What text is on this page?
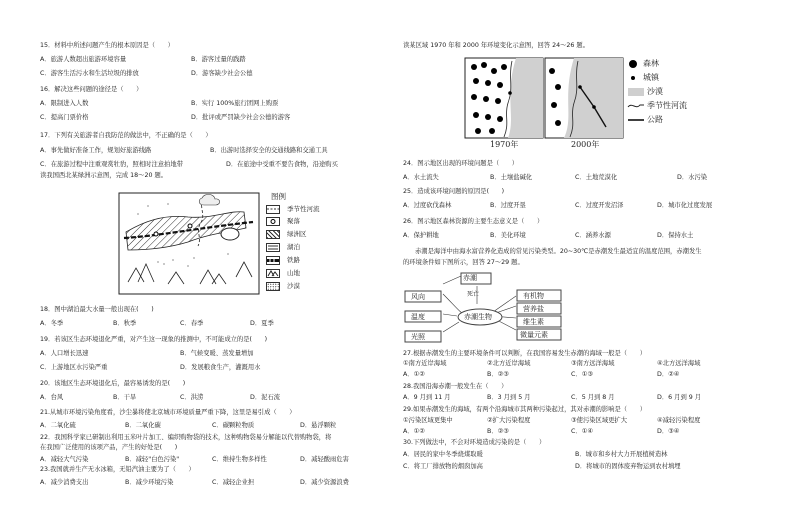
15．材料中所述问题产生的根本原因是（　　）
A．旅游人数超出旅游环境容量	B．游客过量的践踏
C．游客生活污水和生活垃圾的排放	D．游客缺少社会公德
16．解决这些问题的途径是（　　）
A．限制进入人数	B．实行 100%旅行团网上购票
C．提高门票价格	D．批评或严罚缺少社会公德的游客
17．下列有关旅游者自我防范的做法中，不正确的是（　　）
A．事先做好准备工作，规划好旅游线路	B．出游时选择安全的交通线路和交通工具
C．在旅游过程中注重观赏牡豹，照相时注意拍地带	D．在旅途中受重不要告食物，沿途购买
读我国西北某绿洲示意图，完成 18～20 题。
图例
季节性河流
聚落
绿洲区
湖泊
铁路
山地
沙漠
18．图中湖泊最大水量一般出现在(　　)
A．冬季	B．秋季	C．春季	D．夏季
19．若该区生态环境退化严重，对产生这一现象的推测中，不可能成立的是(　　)
A．人口增长迅速	B．气候变暖、蒸发量增加
C．上游地区水污染严重	D．发展粮食生产，灌溉用水
20．该地区生态环境退化后，最容易诱发的是(　　)
A．台风	B．干旱	C．洪涝	D．泥石流
21.从城市环境污染角度看，沙尘暴将使北京城市环境质量严重下降，这里是易引成（　　）
A．二氧化硫	B．二氧化碳	C．碳颗粒物质	D．悬浮颗粒
22．我国科学家已研制出利用玉米叶片加工、编织购物袋的技术，这种购物袋易分解能以代替购物袋，将
在我国广泛使用的该项产品，产生的好处是(　　)
A．减轻大气污染	B．减轻"白色污染"	C．维持生物多样性	D．减轻酸雨危害
23.我国就并生产无水冰箱，无铅汽油主要为了（　　）
A．减少消费支出	B．减少环境污染	C．减轻企业担	D．减少资源浪费
读某区域 1970 年和 2000 年环境变化示意图，回答 24～26 题。
1970年	2000年
森林
城镇
沙漠
季节性河流
公路
24．图示地区出现的环境问题是（　　）
A．水土流失	B．土壤盐碱化	C．土地荒漠化	D．水污染
25．造成该环境问题的原因是(　　)
A．过度砍伐森林	B．过度开垦	C．过度开发沼泽	D．城市化过度发展
26．图示地区森林资源的主要生态意义是（　　）
A．保护耕地	B．美化环境	C．涵养水源	D．保持水土
赤潮是海洋中由海水富营养化造成的常见污染类型。20~30℃是赤潮发生最适宜的温度范围，赤潮发生
的环境条件如下图所示，回答 27～29 题。
赤潮
死亡
赤潮生物
风向
温度
光照
有机物
营养盐
维生素
微量元素
27.根据赤潮发生的主要环境条件可以判断，在我国容易发生赤潮的海域一般是（　　）
①南方近岸海域	②北方近岸海域	③南方远洋海域	④北方远洋海域
A．①②	B．②③	C．①③	D．②④
28.我国沿海赤潮一般发生在（　　）
A．9 月到 11 月	B．3 月到 5 月	C．5 月到 8 月	D．6 月到 9 月
29.如果赤潮发生的海域，有两个沿海城市其两种污染起过，其对赤潮的影响是（　　）
①污染区域更集中	②扩大污染程度	③使污染区域更扩大	④减轻污染程度
A．①②	B．②③	C．①④	D．③④
30.下列做法中，不会对环境造成污染的是（　　）
A．居民的家中冬季烧煤取暖	B．城市和乡村大力开展植树造林
C．将工厂排放物的烟囱加高	D．将城市的固体废弃物运到农村填埋
